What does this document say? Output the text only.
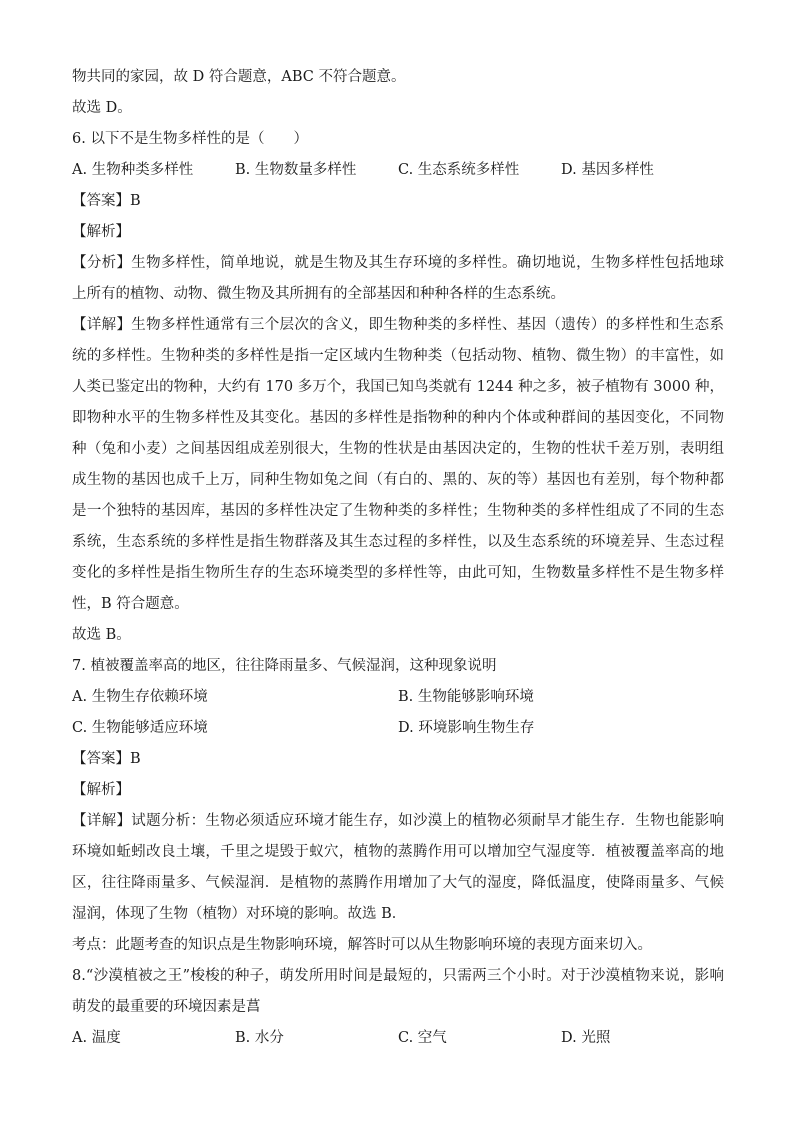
物共同的家园，故 D 符合题意，ABC 不符合题意。
故选 D。
6. 以下不是生物多样性的是（　　）
A. 生物种类多样性	B. 生物数量多样性	C. 生态系统多样性	D. 基因多样性
【答案】B
【解析】
【分析】生物多样性，简单地说，就是生物及其生存环境的多样性。确切地说，生物多样性包括地球上所有的植物、动物、微生物及其所拥有的全部基因和种种各样的生态系统。
【详解】生物多样性通常有三个层次的含义，即生物种类的多样性、基因（遗传）的多样性和生态系统的多样性。生物种类的多样性是指一定区域内生物种类（包括动物、植物、微生物）的丰富性，如人类已鉴定出的物种，大约有 170 多万个，我国已知鸟类就有 1244 种之多，被子植物有 3000 种，即物种水平的生物多样性及其变化。基因的多样性是指物种的种内个体或种群间的基因变化，不同物种（兔和小麦）之间基因组成差别很大，生物的性状是由基因决定的，生物的性状千差万别，表明组成生物的基因也成千上万，同种生物如兔之间（有白的、黑的、灰的等）基因也有差别，每个物种都是一个独特的基因库，基因的多样性决定了生物种类的多样性；生物种类的多样性组成了不同的生态系统，生态系统的多样性是指生物群落及其生态过程的多样性，以及生态系统的环境差异、生态过程变化的多样性是指生物所生存的生态环境类型的多样性等，由此可知，生物数量多样性不是生物多样性，B 符合题意。
故选 B。
7. 植被覆盖率高的地区，往往降雨量多、气候湿润，这种现象说明
A. 生物生存依赖环境	B. 生物能够影响环境
C. 生物能够适应环境	D. 环境影响生物生存
【答案】B
【解析】
【详解】试题分析：生物必须适应环境才能生存，如沙漠上的植物必须耐旱才能生存．生物也能影响环境如蚯蚓改良土壤，千里之堤毁于蚁穴，植物的蒸腾作用可以增加空气湿度等．植被覆盖率高的地区，往往降雨量多、气候湿润．是植物的蒸腾作用增加了大气的湿度，降低温度，使降雨量多、气候湿润，体现了生物（植物）对环境的影响。故选 B．
考点：此题考查的知识点是生物影响环境，解答时可以从生物影响环境的表现方面来切入。
8.“沙漠植被之王”梭梭的种子，萌发所用时间是最短的，只需两三个小时。对于沙漠植物来说，影响萌发的最重要的环境因素是菖
A. 温度	B. 水分	C. 空气	D. 光照
